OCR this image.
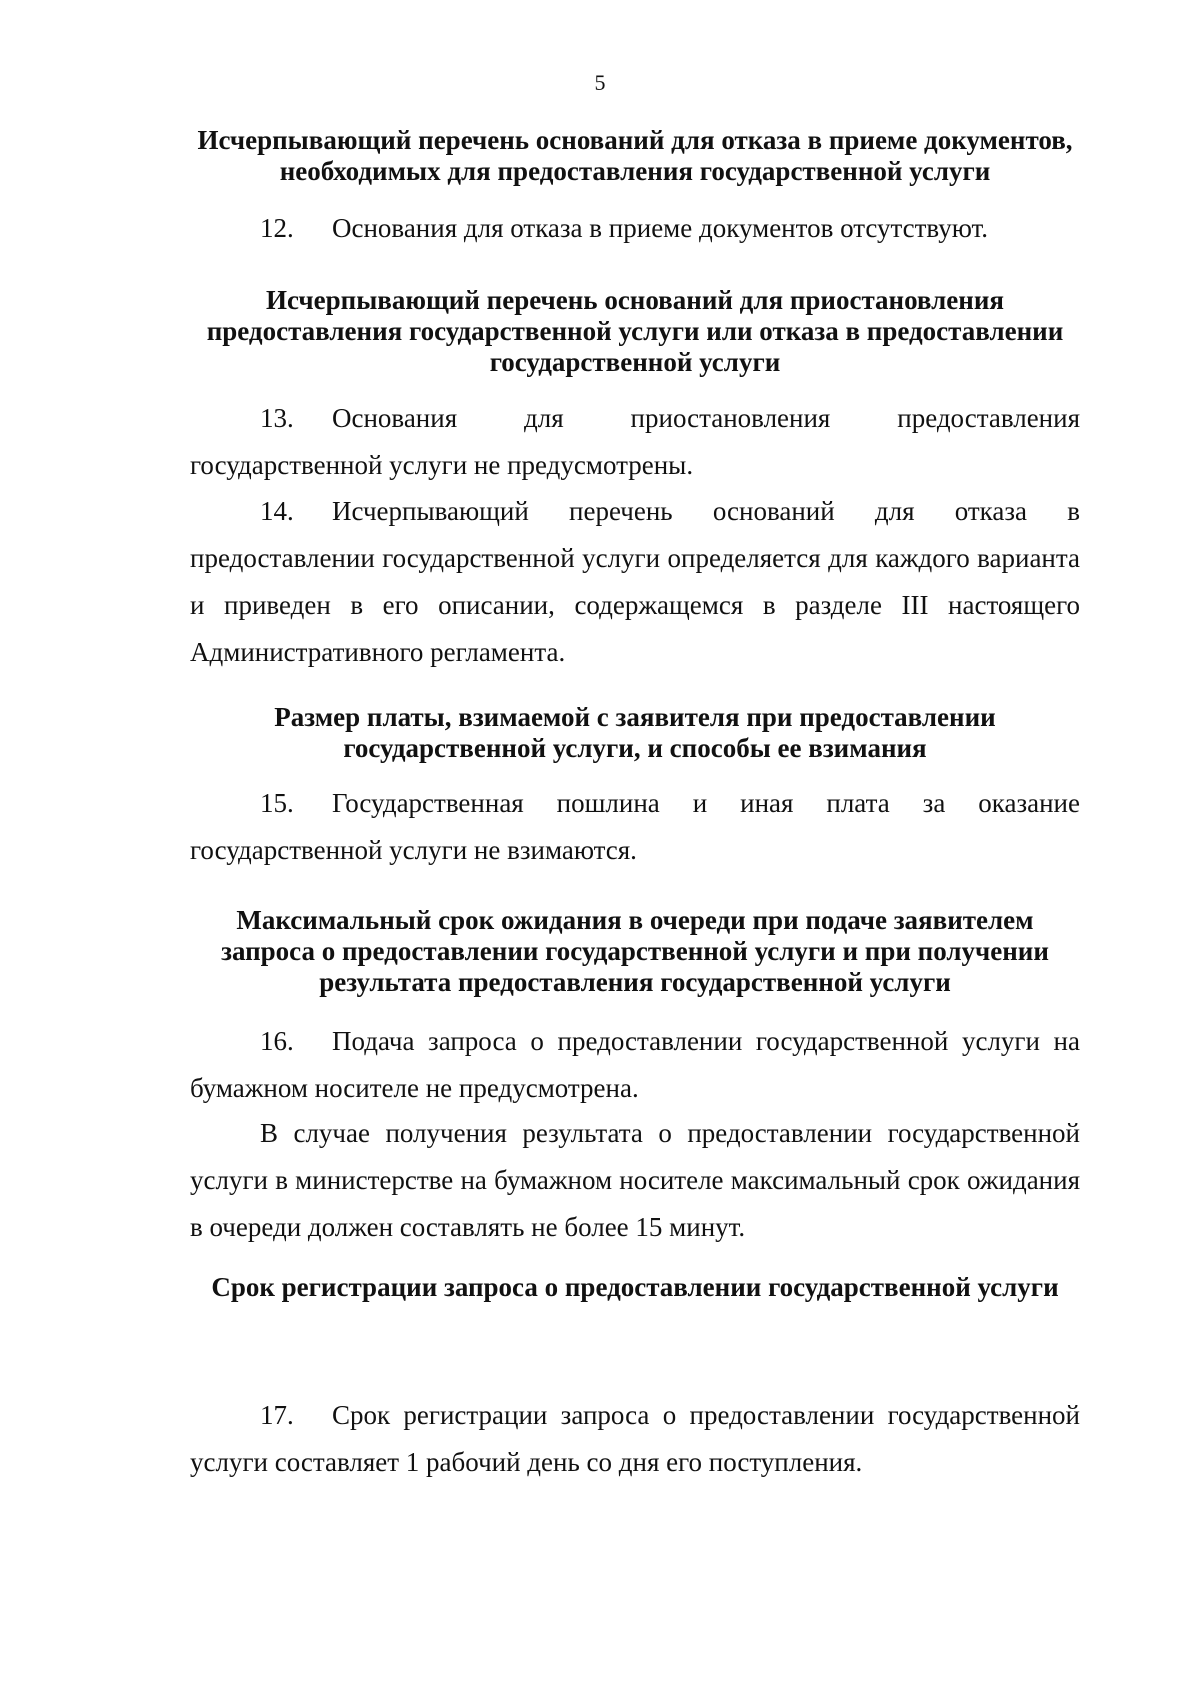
5
Исчерпывающий перечень оснований для отказа в приеме документов, необходимых для предоставления государственной услуги
12. Основания для отказа в приеме документов отсутствуют.
Исчерпывающий перечень оснований для приостановления предоставления государственной услуги или отказа в предоставлении государственной услуги
13. Основания для приостановления предоставления государственной услуги не предусмотрены.
14. Исчерпывающий перечень оснований для отказа в предоставлении государственной услуги определяется для каждого варианта и приведен в его описании, содержащемся в разделе III настоящего Административного регламента.
Размер платы, взимаемой с заявителя при предоставлении государственной услуги, и способы ее взимания
15. Государственная пошлина и иная плата за оказание государственной услуги не взимаются.
Максимальный срок ожидания в очереди при подаче заявителем запроса о предоставлении государственной услуги и при получении результата предоставления государственной услуги
16. Подача запроса о предоставлении государственной услуги на бумажном носителе не предусмотрена.
В случае получения результата о предоставлении государственной услуги в министерстве на бумажном носителе максимальный срок ожидания в очереди должен составлять не более 15 минут.
Срок регистрации запроса о предоставлении государственной услуги
17. Срок регистрации запроса о предоставлении государственной услуги составляет 1 рабочий день со дня его поступления.
